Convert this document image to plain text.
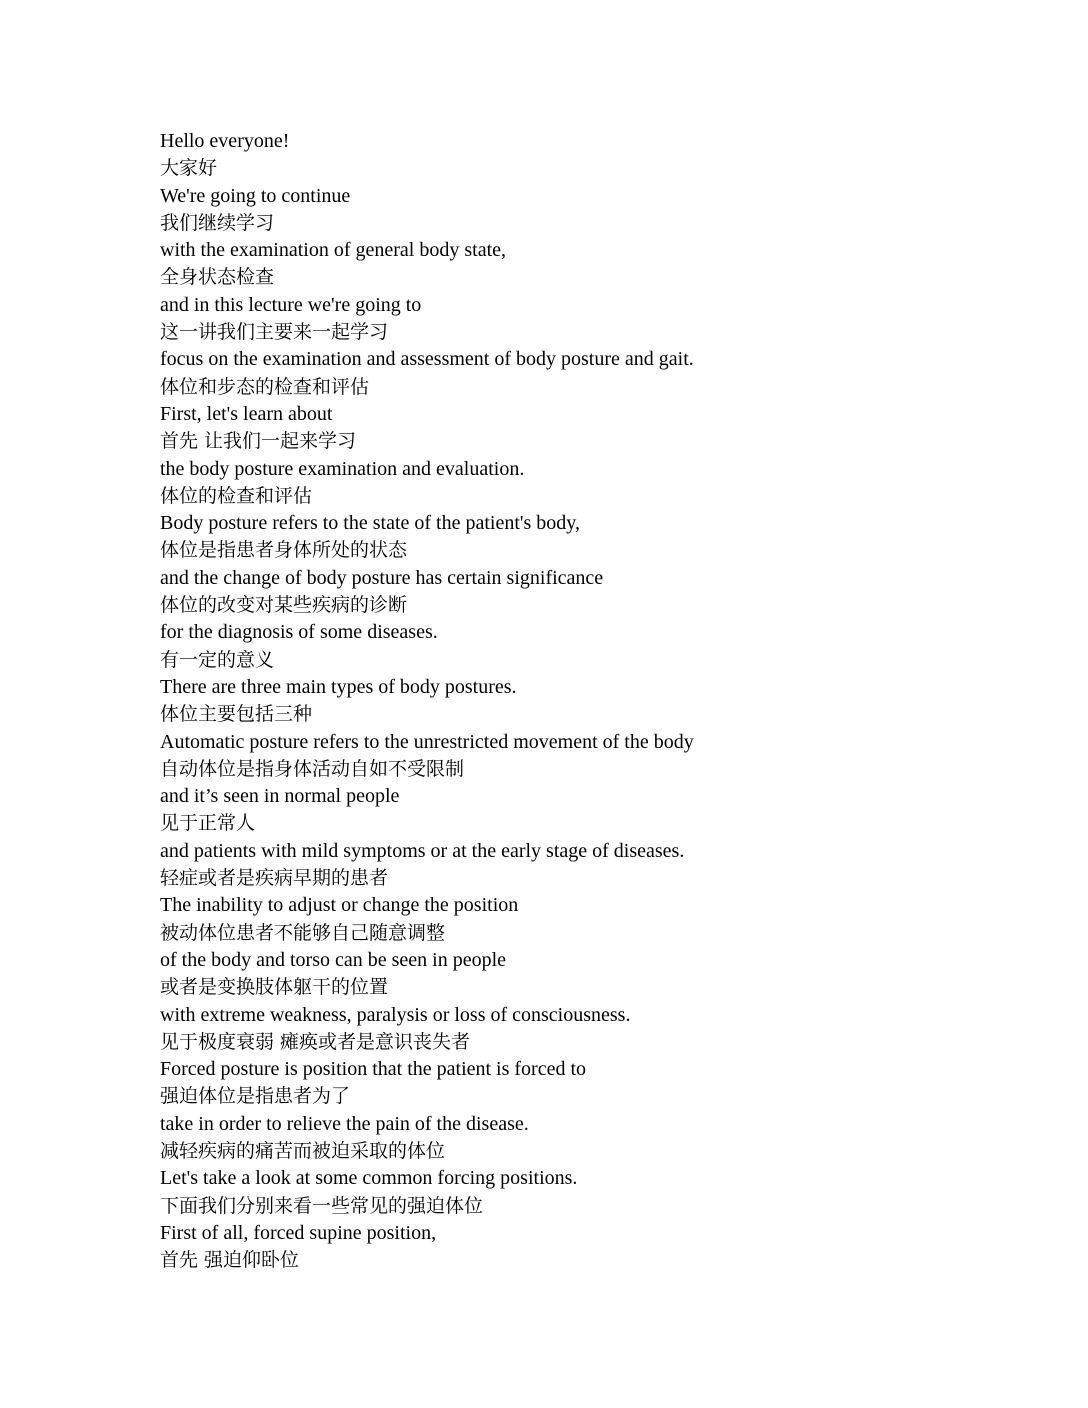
Hello everyone!
大家好
We're going to continue
我们继续学习
with the examination of general body state,
全身状态检查
and in this lecture we're going to
这一讲我们主要来一起学习
focus on the examination and assessment of body posture and gait.
体位和步态的检查和评估
First, let's learn about
首先 让我们一起来学习
the body posture examination and evaluation.
体位的检查和评估
Body posture refers to the state of the patient's body,
体位是指患者身体所处的状态
and the change of body posture has certain significance
体位的改变对某些疾病的诊断
for the diagnosis of some diseases.
有一定的意义
There are three main types of body postures.
体位主要包括三种
Automatic posture refers to the unrestricted movement of the body
自动体位是指身体活动自如不受限制
and it’s seen in normal people
见于正常人
and patients with mild symptoms or at the early stage of diseases.
轻症或者是疾病早期的患者
The inability to adjust or change the position
被动体位患者不能够自己随意调整
of the body and torso can be seen in people
或者是变换肢体躯干的位置
with extreme weakness, paralysis or loss of consciousness.
见于极度衰弱 瘫痪或者是意识丧失者
Forced posture is position that the patient is forced to
强迫体位是指患者为了
take in order to relieve the pain of the disease.
减轻疾病的痛苦而被迫采取的体位
Let's take a look at some common forcing positions.
下面我们分别来看一些常见的强迫体位
First of all, forced supine position,
首先 强迫仰卧位
